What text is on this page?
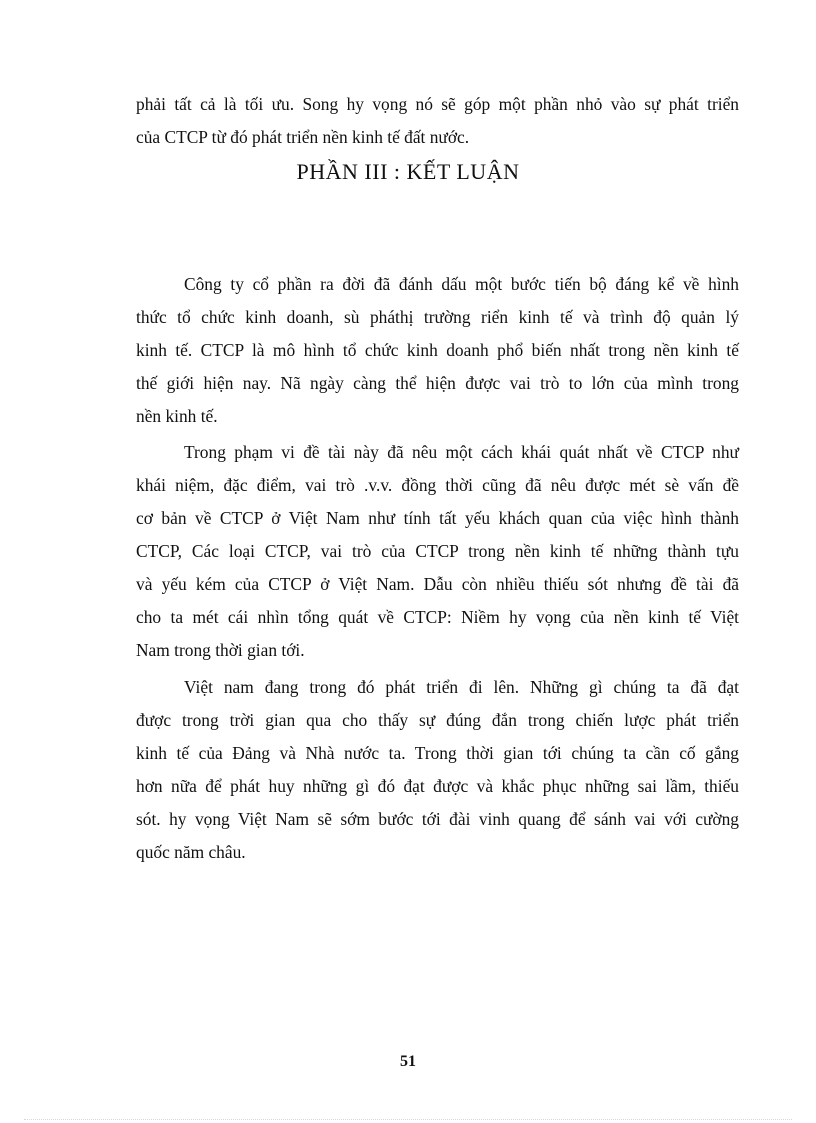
phải tất cả là tối ưu. Song hy vọng nó sẽ góp một phần nhỏ vào sự phát triển
của CTCP từ đó phát triển nền kinh tế đất nước.
PHẦN III : KẾT LUẬN
Công ty cổ phần ra đời đã đánh dấu một bước tiến bộ đáng kể về hình
thức tổ chức kinh doanh, sù pháthị trường riển kinh tế và trình độ quản lý
kinh tế. CTCP là mô hình tổ chức kinh doanh phổ biến nhất trong nền kinh tế
thế giới hiện nay. Nã ngày càng thể hiện được vai trò to lớn của mình trong
nền kinh tế.
Trong phạm vi đề tài này đã nêu một cách khái quát nhất về CTCP như
khái niệm, đặc điểm, vai trò .v.v. đồng thời cũng đã nêu được mét sè vấn đề
cơ bản về CTCP ở Việt Nam như tính tất yếu khách quan của việc hình thành
CTCP, Các loại CTCP, vai trò của CTCP trong nền kinh tế những thành tựu
và yếu kém của CTCP ở Việt Nam. Dẫu còn nhiều thiếu sót nhưng đề tài đã
cho ta mét cái nhìn tổng quát về CTCP: Niềm hy vọng của nền kinh tế Việt
Nam trong thời gian tới.
Việt nam đang trong đó phát triển đi lên. Những gì chúng ta đã đạt
được trong trời gian qua cho thấy sự đúng đắn trong chiến lược phát triển
kinh tế của Đảng và Nhà nước ta. Trong thời gian tới chúng ta cần cố gắng
hơn nữa để phát huy những gì đó đạt được và khắc phục những sai lầm, thiếu
sót. hy vọng Việt Nam sẽ sớm bước tới đài vinh quang để sánh vai với cường
quốc năm châu.
51
